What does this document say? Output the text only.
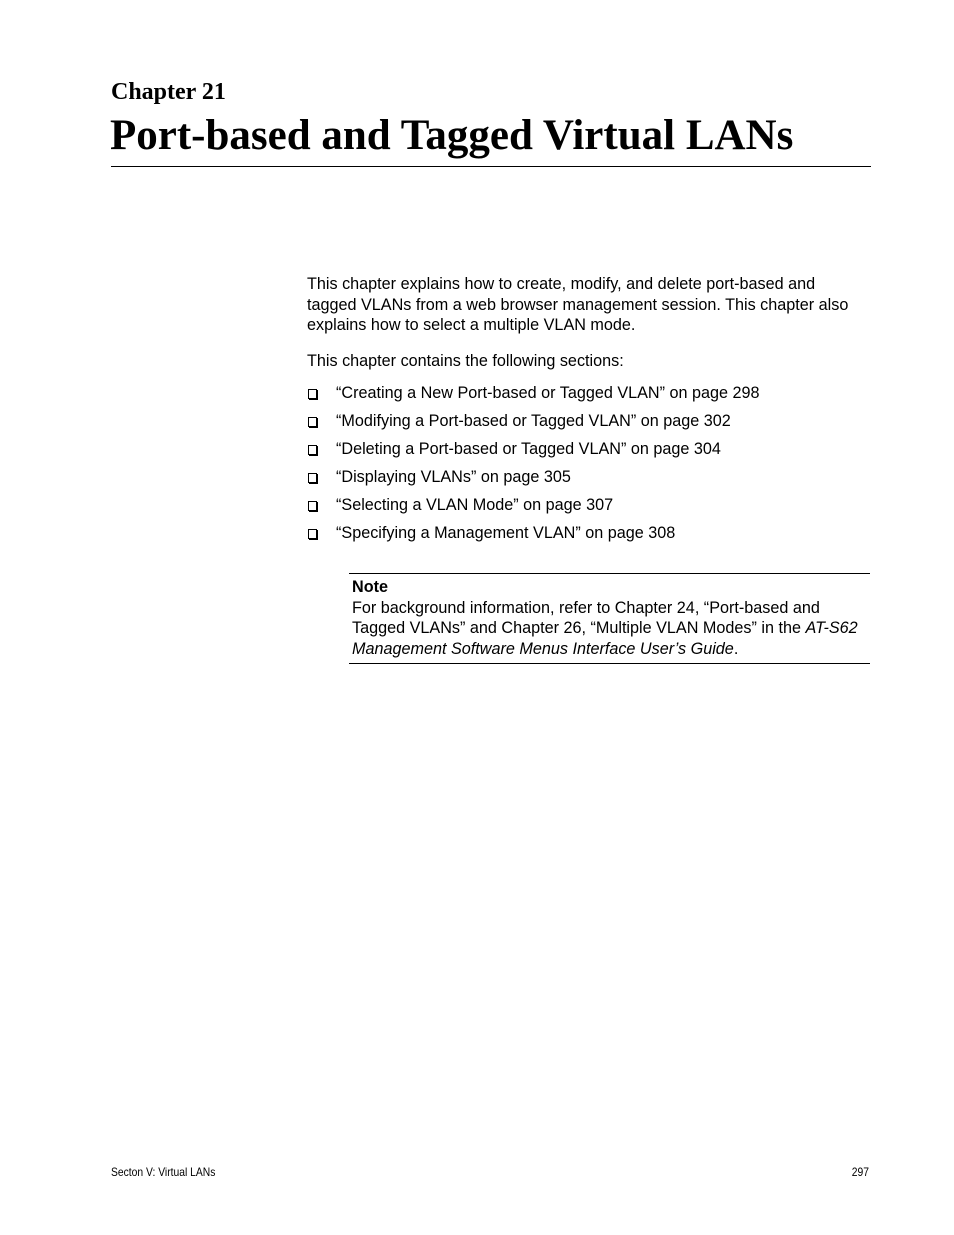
Chapter 21
Port-based and Tagged Virtual LANs

This chapter explains how to create, modify, and delete port-based and tagged VLANs from a web browser management session. This chapter also explains how to select a multiple VLAN mode.

This chapter contains the following sections:

“Creating a New Port-based or Tagged VLAN” on page 298
“Modifying a Port-based or Tagged VLAN” on page 302
“Deleting a Port-based or Tagged VLAN” on page 304
“Displaying VLANs” on page 305
“Selecting a VLAN Mode” on page 307
“Specifying a Management VLAN” on page 308
Note
For background information, refer to Chapter 24, “Port-based and Tagged VLANs” and Chapter 26, “Multiple VLAN Modes” in the AT-S62 Management Software Menus Interface User’s Guide.
Secton V: Virtual LANs	297
